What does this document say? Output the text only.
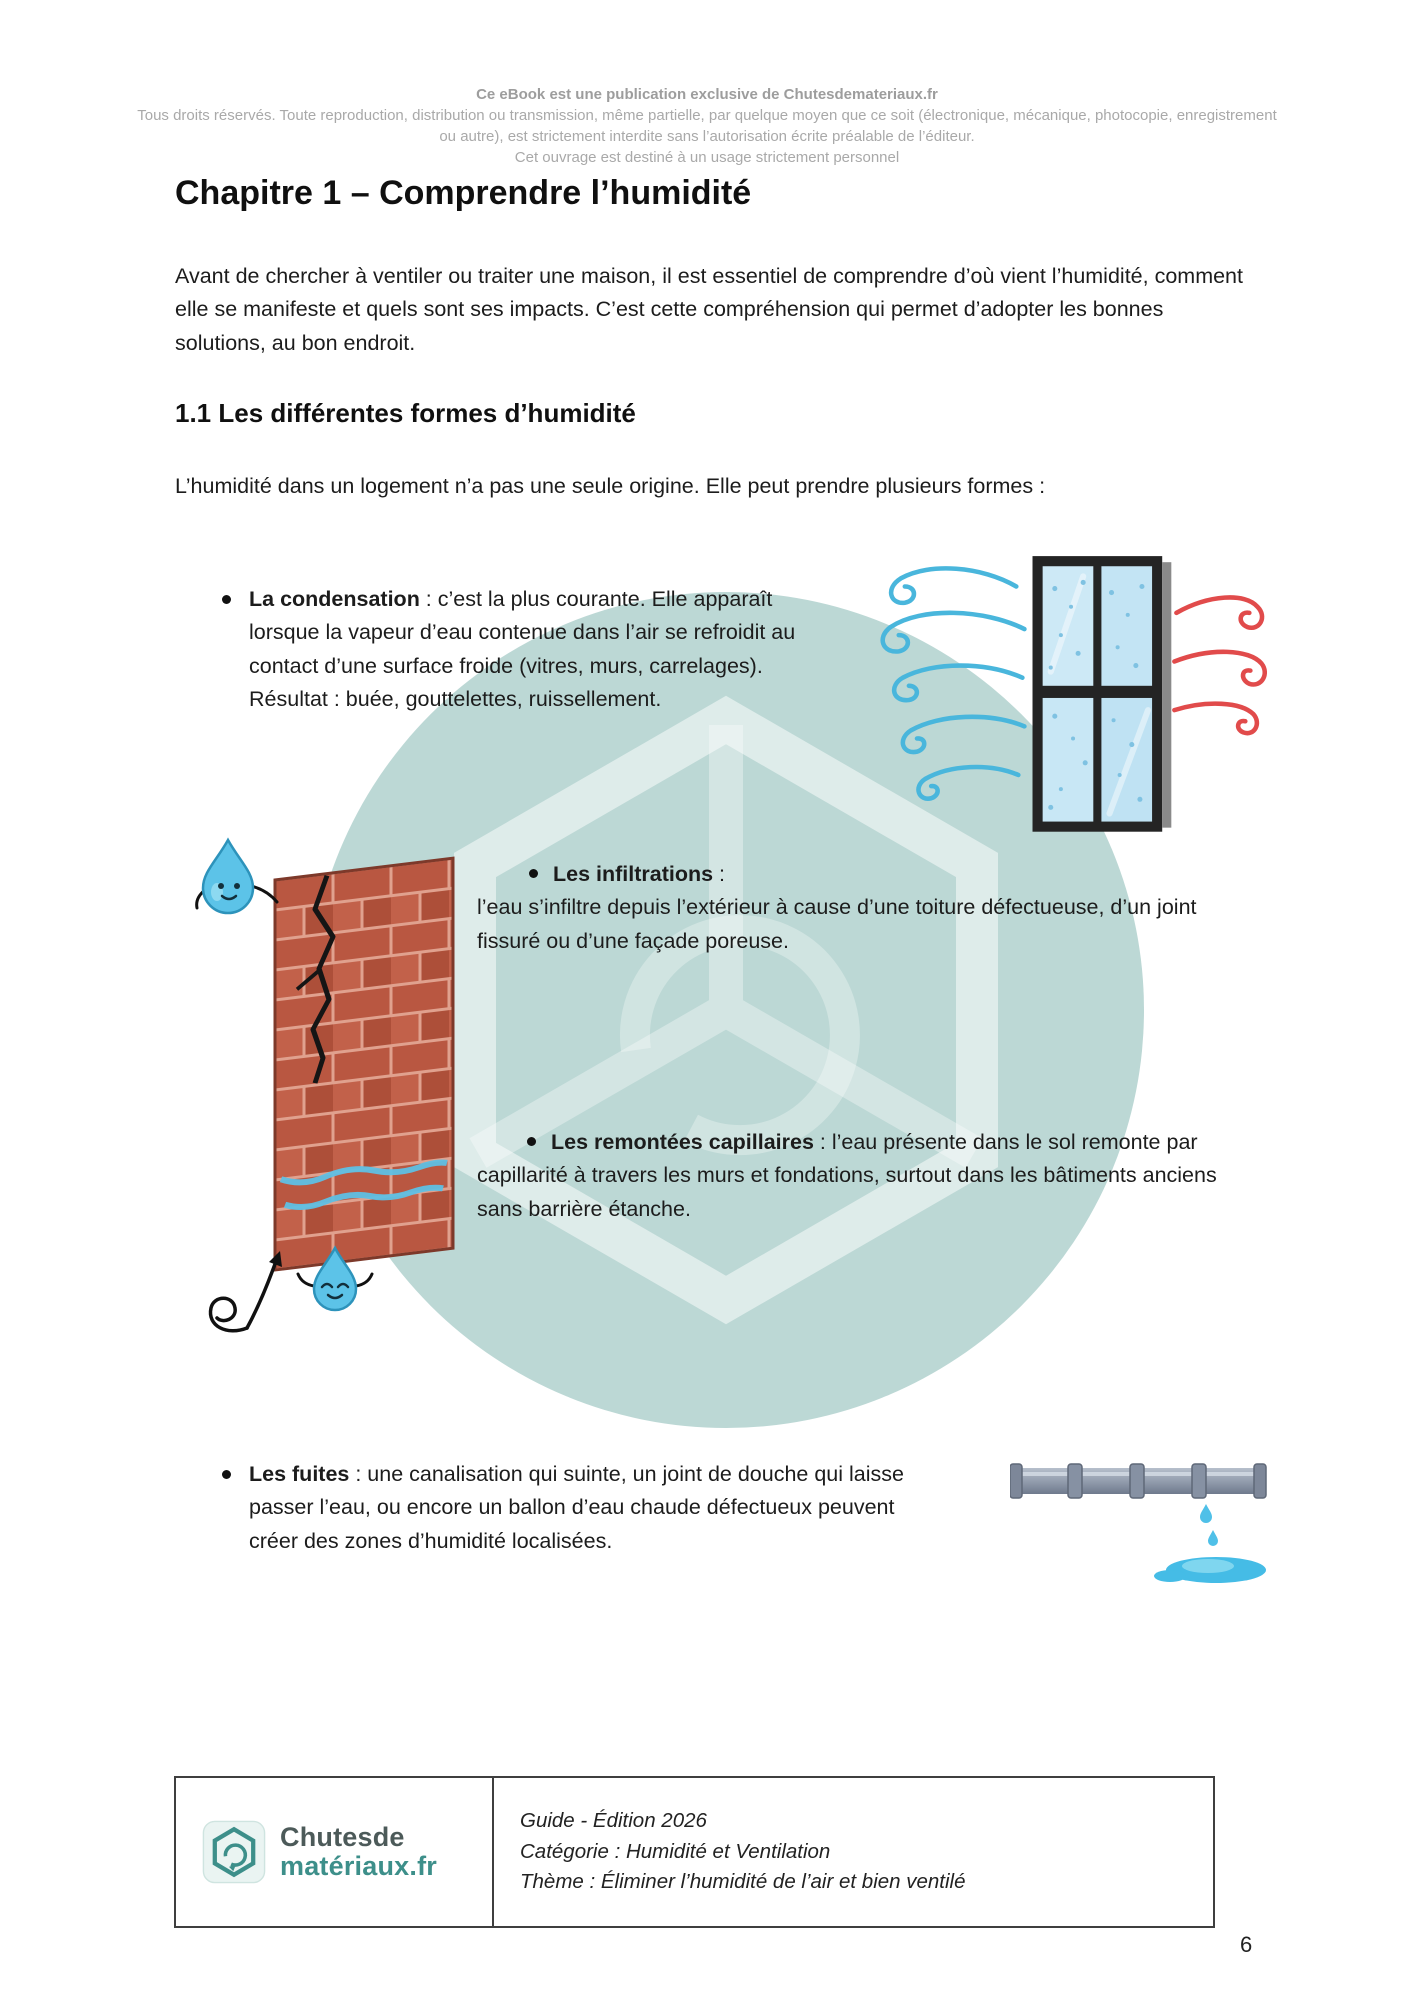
Ce eBook est une publication exclusive de Chutesdemateriaux.fr
Tous droits réservés. Toute reproduction, distribution ou transmission, même partielle, par quelque moyen que ce soit (électronique, mécanique, photocopie, enregistrement ou autre), est strictement interdite sans l’autorisation écrite préalable de l’éditeur.
Cet ouvrage est destiné à un usage strictement personnel
Chapitre 1 – Comprendre l’humidité

Avant de chercher à ventiler ou traiter une maison, il est essentiel de comprendre d’où vient l’humidité, comment elle se manifeste et quels sont ses impacts. C’est cette compréhension qui permet d’adopter les bonnes solutions, au bon endroit.

1.1 Les différentes formes d’humidité

L’humidité dans un logement n’a pas une seule origine. Elle peut prendre plusieurs formes :

La condensation : c’est la plus courante. Elle apparaît lorsque la vapeur d’eau contenue dans l’air se refroidit au contact d’une surface froide (vitres, murs, carrelages). Résultat : buée, gouttelettes, ruissellement.
Les infiltrations :
l’eau s’infiltre depuis l’extérieur à cause d’une toiture défectueuse, d’un joint fissuré ou d’une façade poreuse.
Les remontées capillaires : l’eau présente dans le sol remonte par capillarité à travers les murs et fondations, surtout dans les bâtiments anciens sans barrière étanche.
Les fuites : une canalisation qui suinte, un joint de douche qui laisse passer l’eau, ou encore un ballon d’eau chaude défectueux peuvent créer des zones d’humidité localisées.
Chutesde
matériaux.fr
Guide - Édition 2026
Catégorie : Humidité et Ventilation
Thème : Éliminer l’humidité de l’air et bien ventilé
6
